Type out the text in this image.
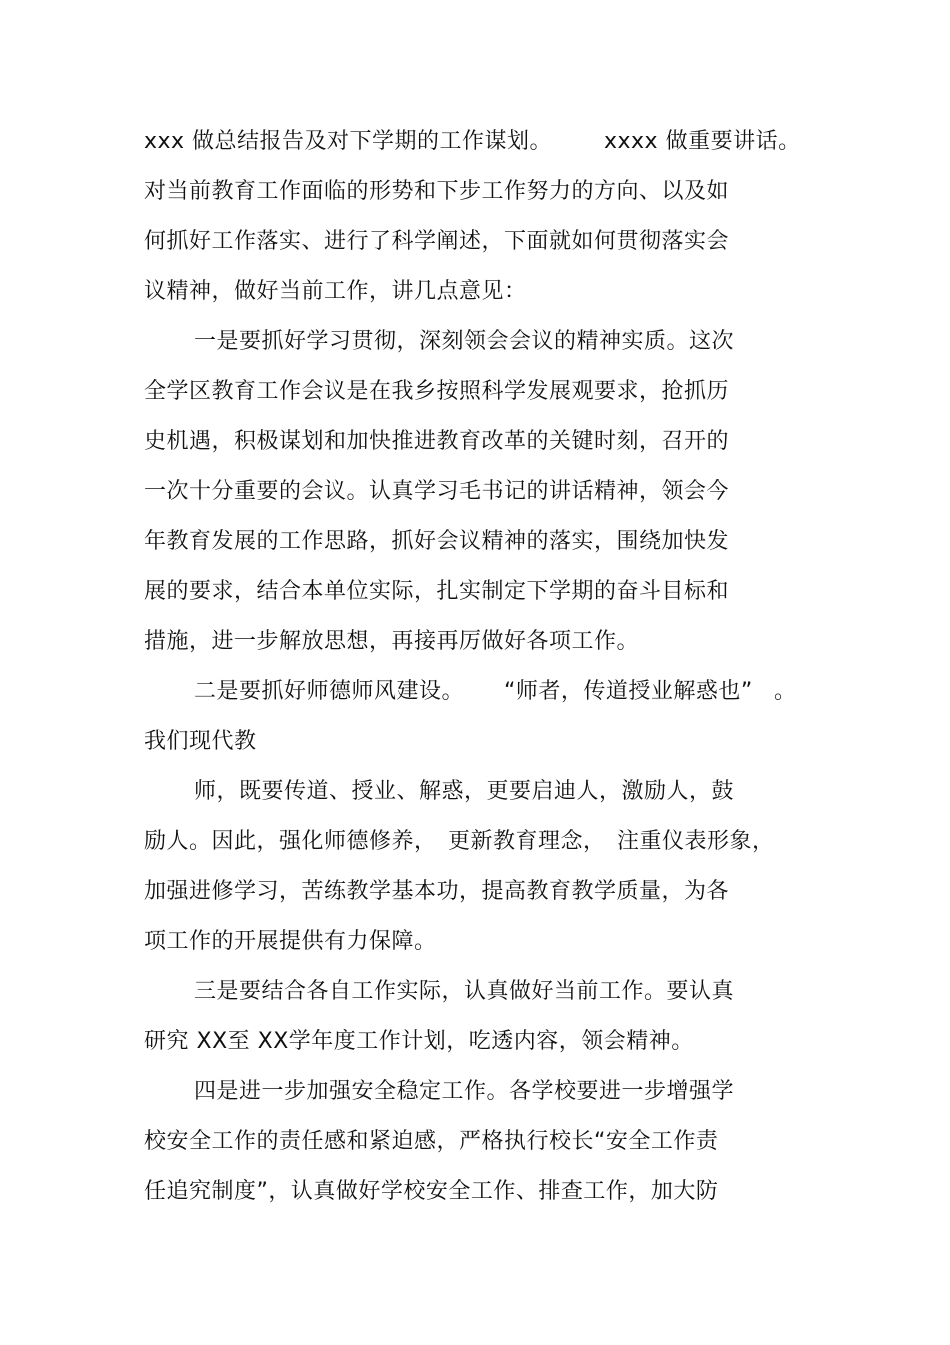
xxx 做总结报告及对下学期的工作谋划。 xxxx 做重要讲话。
对当前教育工作面临的形势和下步工作努力的方向、以及如
何抓好工作落实、进行了科学阐述，下面就如何贯彻落实会
议精神，做好当前工作，讲几点意见：
一是要抓好学习贯彻，深刻领会会议的精神实质。这次
全学区教育工作会议是在我乡按照科学发展观要求，抢抓历
史机遇，积极谋划和加快推进教育改革的关键时刻，召开的
一次十分重要的会议。认真学习毛书记的讲话精神，领会今
年教育发展的工作思路，抓好会议精神的落实，围绕加快发
展的要求，结合本单位实际，扎实制定下学期的奋斗目标和
措施，进一步解放思想，再接再厉做好各项工作。
二是要抓好师德师风建设。 “师者，传道授业解惑也” 。
我们现代教
师，既要传道、授业、解惑，更要启迪人，激励人，鼓
励人。因此，强化师德修养，　更新教育理念，　注重仪表形象，
加强进修学习，苦练教学基本功，提高教育教学质量，为各
项工作的开展提供有力保障。
三是要结合各自工作实际，认真做好当前工作。要认真
研究 XX至 XX学年度工作计划，吃透内容，领会精神。
四是进一步加强安全稳定工作。各学校要进一步增强学
校安全工作的责任感和紧迫感，严格执行校长“安全工作责
任追究制度”，认真做好学校安全工作、排查工作，加大防
